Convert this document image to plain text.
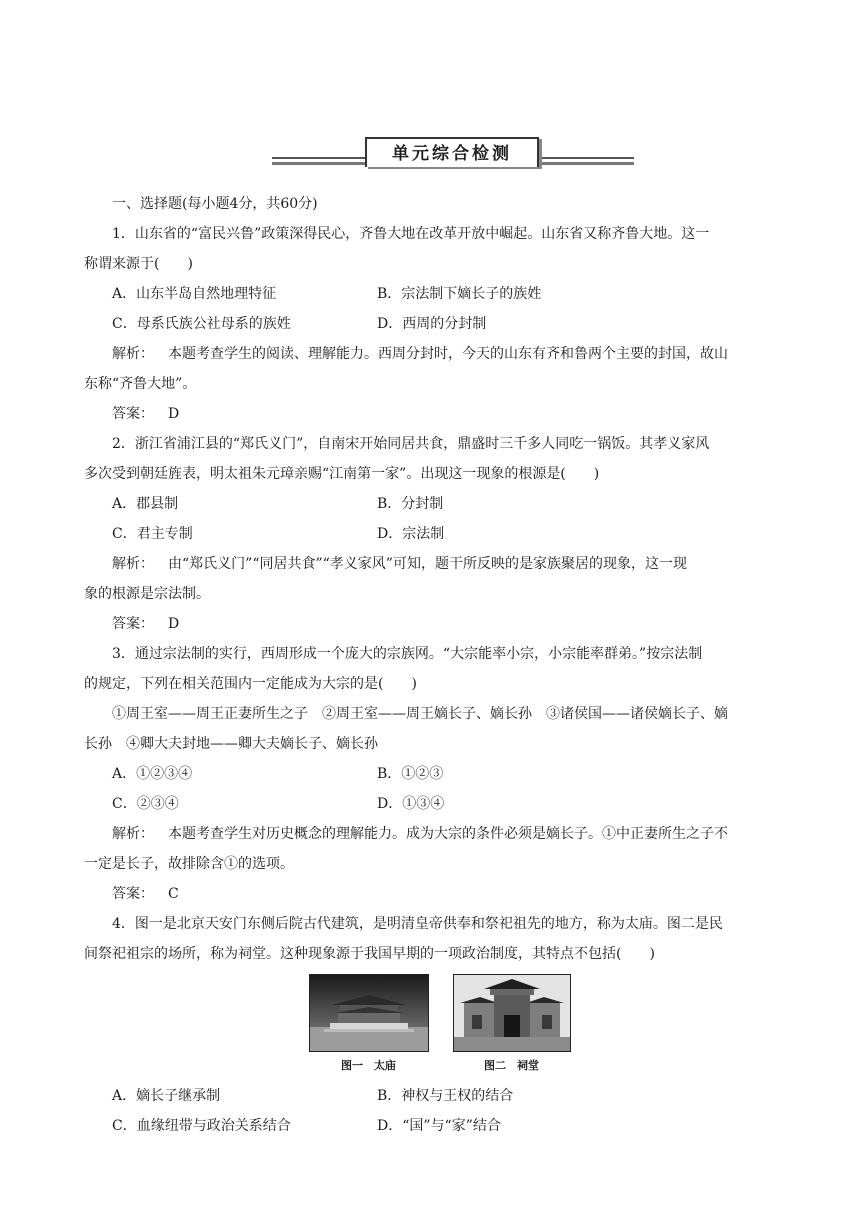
单元综合检测
一、选择题(每小题4分，共60分)
1．山东省的“富民兴鲁”政策深得民心，齐鲁大地在改革开放中崛起。山东省又称齐鲁大地。这一
称谓来源于(　　)
A．山东半岛自然地理特征	B．宗法制下嫡长子的族姓
C．母系氏族公社母系的族姓	D．西周的分封制
解析： 本题考查学生的阅读、理解能力。西周分封时，今天的山东有齐和鲁两个主要的封国，故山
东称“齐鲁大地”。
答案： D
2．浙江省浦江县的“郑氏义门”，自南宋开始同居共食，鼎盛时三千多人同吃一锅饭。其孝义家风
多次受到朝廷旌表，明太祖朱元璋亲赐“江南第一家”。出现这一现象的根源是(　　)
A．郡县制	B．分封制
C．君主专制	D．宗法制
解析： 由“郑氏义门”“同居共食”“孝义家风”可知，题干所反映的是家族聚居的现象，这一现
象的根源是宗法制。
答案： D
3．通过宗法制的实行，西周形成一个庞大的宗族网。“大宗能率小宗，小宗能率群弟。”按宗法制
的规定，下列在相关范围内一定能成为大宗的是(　　)
①周王室——周王正妻所生之子　②周王室——周王嫡长子、嫡长孙　③诸侯国——诸侯嫡长子、嫡
长孙　④卿大夫封地——卿大夫嫡长子、嫡长孙
A．①②③④	B．①②③
C．②③④	D．①③④
解析： 本题考查学生对历史概念的理解能力。成为大宗的条件必须是嫡长子。①中正妻所生之子不
一定是长子，故排除含①的选项。
答案： C
4．图一是北京天安门东侧后院古代建筑，是明清皇帝供奉和祭祀祖先的地方，称为太庙。图二是民
间祭祀祖宗的场所，称为祠堂。这种现象源于我国早期的一项政治制度，其特点不包括(　　)
图一　太庙	图二　祠堂
A．嫡长子继承制	B．神权与王权的结合
C．血缘纽带与政治关系结合	D．“国”与“家”结合
